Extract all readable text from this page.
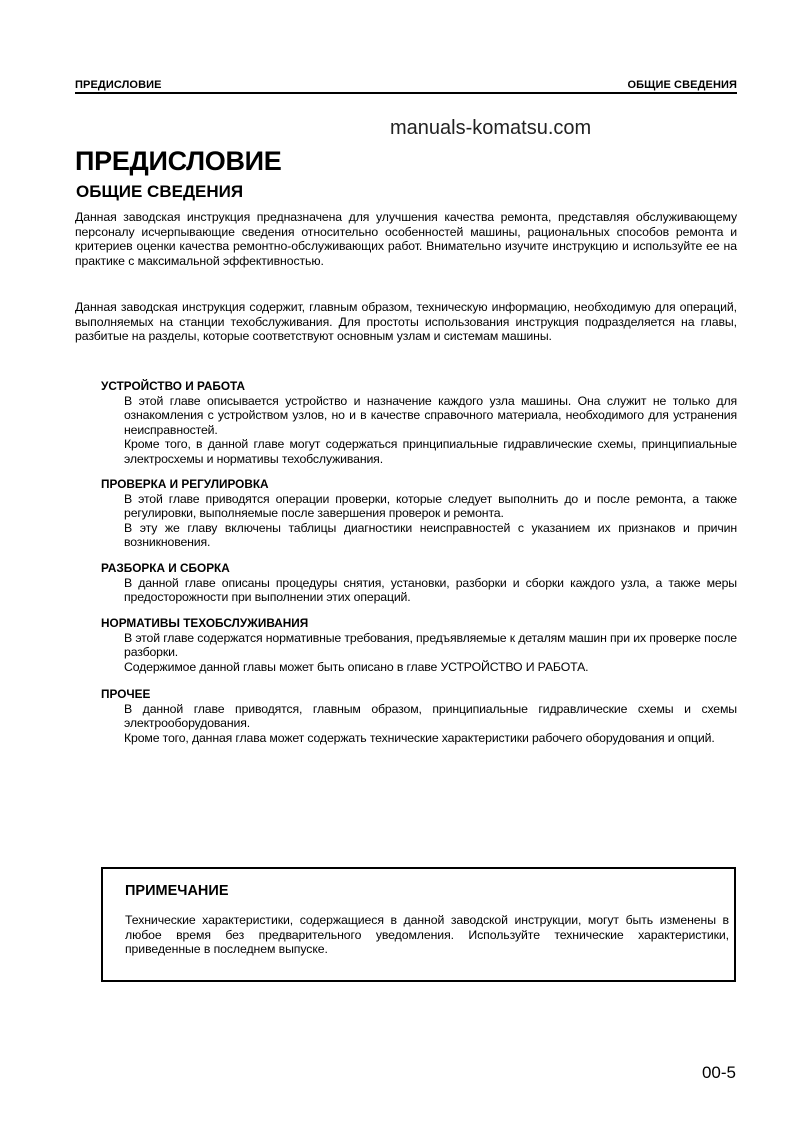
ПРЕДИСЛОВИЕ	ОБЩИЕ СВЕДЕНИЯ
manuals-komatsu.com
ПРЕДИСЛОВИЕ
ОБЩИЕ СВЕДЕНИЯ
Данная заводская инструкция предназначена для улучшения качества ремонта, представляя обслуживающему персоналу исчерпывающие сведения относительно особенностей машины, рациональных способов ремонта и критериев оценки качества ремонтно-обслуживающих работ. Внимательно изучите инструкцию и используйте ее на практике с максимальной эффективностью.
Данная заводская инструкция содержит, главным образом, техническую информацию, необходимую для операций, выполняемых на станции техобслуживания. Для простоты использования инструкция подразделяется на главы, разбитые на разделы, которые соответствуют основным узлам и системам машины.
УСТРОЙСТВО И РАБОТА

В этой главе описывается устройство и назначение каждого узла машины. Она служит не только для ознакомления с устройством узлов, но и в качестве справочного материала, необходимого для устранения неисправностей.

Кроме того, в данной главе могут содержаться принципиальные гидравлические схемы, принципиальные электросхемы и нормативы техобслуживания.

ПРОВЕРКА И РЕГУЛИРОВКА

В этой главе приводятся операции проверки, которые следует выполнить до и после ремонта, а также регулировки, выполняемые после завершения проверок и ремонта.

В эту же главу включены таблицы диагностики неисправностей с указанием их признаков и причин возникновения.

РАЗБОРКА И СБОРКА

В данной главе описаны процедуры снятия, установки, разборки и сборки каждого узла, а также меры предосторожности при выполнении этих операций.

НОРМАТИВЫ ТЕХОБСЛУЖИВАНИЯ

В этой главе содержатся нормативные требования, предъявляемые к деталям машин при их проверке после разборки.

Содержимое данной главы может быть описано в главе УСТРОЙСТВО И РАБОТА.

ПРОЧЕЕ

В данной главе приводятся, главным образом, принципиальные гидравлические схемы и схемы электрооборудования.

Кроме того, данная глава может содержать технические характеристики рабочего оборудования и опций.

ПРИМЕЧАНИЕ

Технические характеристики, содержащиеся в данной заводской инструкции, могут быть изменены в любое время без предварительного уведомления. Используйте технические характеристики, приведенные в последнем выпуске.

00-5
